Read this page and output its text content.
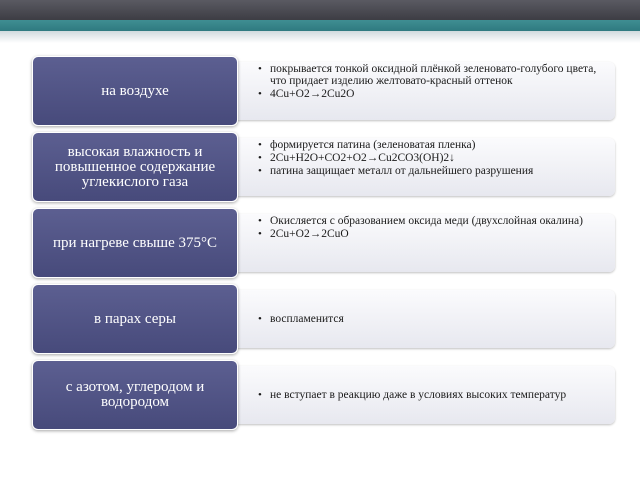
• покрывается тонкой оксидной плёнкой зеленовато-голубого цвета, что придает изделию желтовато-красный оттенок
• 4Cu+O2→2Cu2O
на воздухе
• формируется патина (зеленоватая пленка)
• 2Cu+H2O+CO2+O2→Cu2CO3(OH)2↓
• патина защищает металл от дальнейшего разрушения
высокая влажность и повышенное содержание углекислого газа
• Окисляется с образованием оксида меди (двухслойная окалина)
• 2Cu+O2→2CuO
при нагреве свыше 375°С
• воспламенится
в парах серы
• не вступает в реакцию даже в условиях высоких температур
с азотом, углеродом и водородом
